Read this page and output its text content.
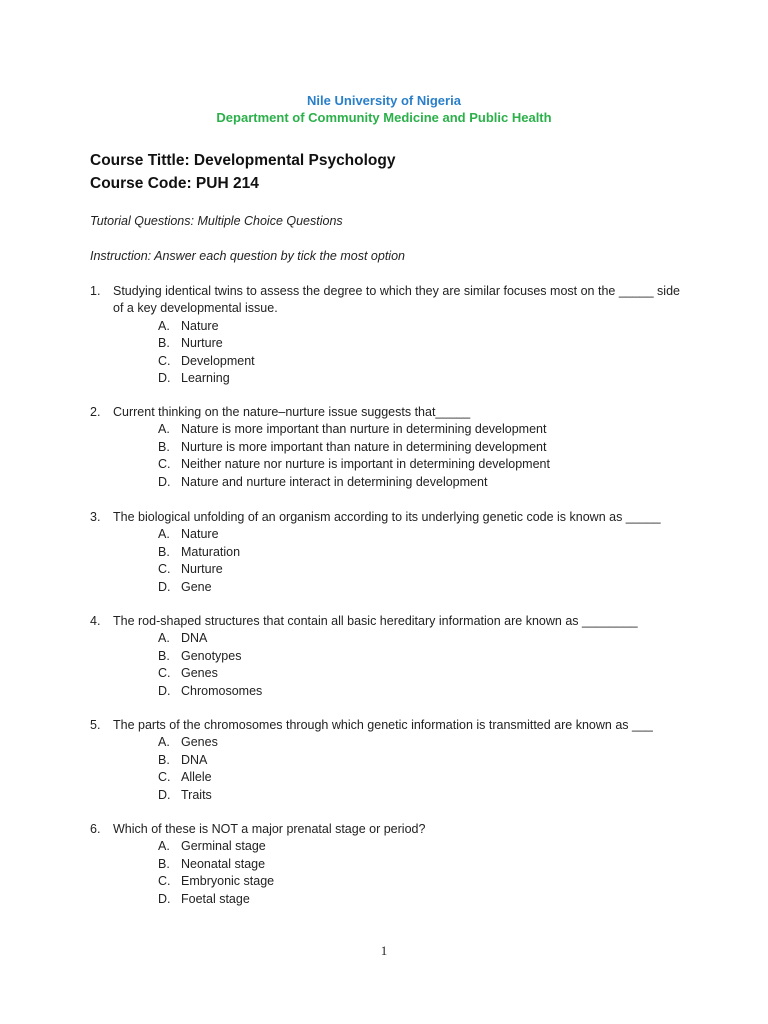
Nile University of Nigeria
Department of Community Medicine and Public Health
Course Tittle: Developmental Psychology
Course Code: PUH 214
Tutorial Questions: Multiple Choice Questions
Instruction: Answer each question by tick the most option
1.	Studying identical twins to assess the degree to which they are similar focuses most on the _____ side of a key developmental issue.
A. Nature
B. Nurture
C. Development
D. Learning
2.	Current thinking on the nature–nurture issue suggests that_____
A. Nature is more important than nurture in determining development
B. Nurture is more important than nature in determining development
C. Neither nature nor nurture is important in determining development
D. Nature and nurture interact in determining development
3.	The biological unfolding of an organism according to its underlying genetic code is known as _____
A. Nature
B. Maturation
C. Nurture
D. Gene
4.	The rod-shaped structures that contain all basic hereditary information are known as ________
A. DNA
B. Genotypes
C. Genes
D. Chromosomes
5.	The parts of the chromosomes through which genetic information is transmitted are known as ___
A. Genes
B. DNA
C. Allele
D. Traits
6.	Which of these is NOT a major prenatal stage or period?
A. Germinal stage
B. Neonatal stage
C. Embryonic stage
D. Foetal stage
1
